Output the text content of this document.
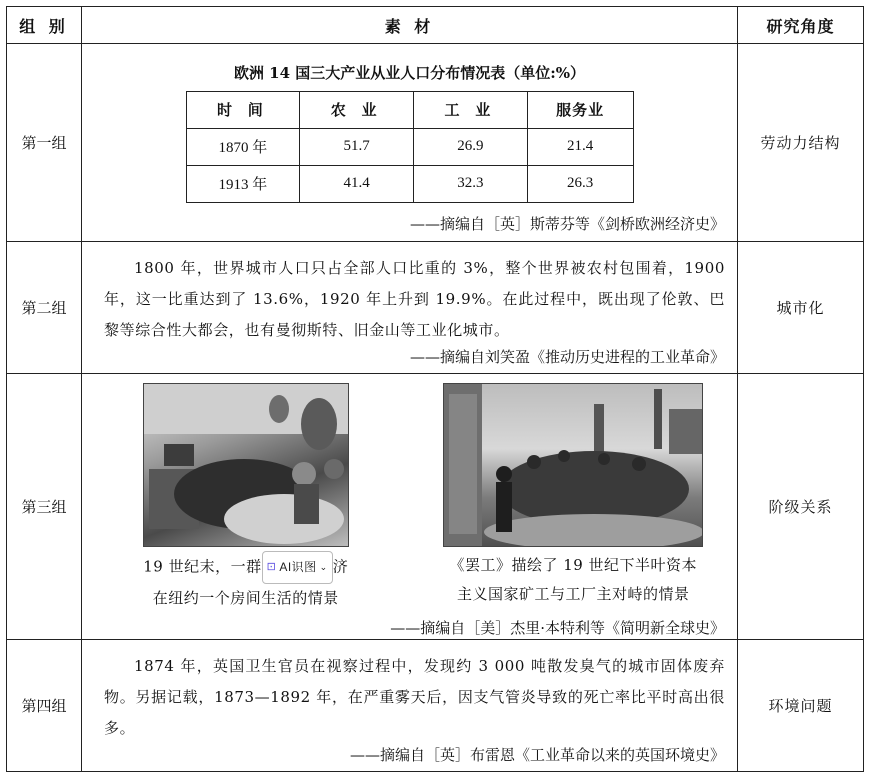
组 别	素 材	研究角度
第一组	
欧洲 14 国三大产业从业人口分布情况表（单位:%）
时 间	农 业	工 业	服务业
1870 年	51.7	26.9	21.4
1913 年	41.4	32.3	26.3
——摘编自［英］斯蒂芬等《剑桥欧洲经济史》
	劳动力结构
第二组	
1800 年，世界城市人口只占全部人口比重的 3%，整个世界被农村包围着，1900 年，这一比重达到了 13.6%，1920 年上升到 19.9%。在此过程中，既出现了伦敦、巴黎等综合性大都会，也有曼彻斯特、旧金山等工业化城市。
——摘编自刘笑盈《推动历史进程的工业革命》
	城市化
第三组	
19 世纪末，一群 ⊡ AI识图 ⌄ 济
在纽约一个房间生活的情景
《罢工》描绘了 19 世纪下半叶资本
主义国家矿工与工厂主对峙的情景
——摘编自［美］杰里·本特利等《简明新全球史》
	阶级关系
第四组	
1874 年，英国卫生官员在视察过程中，发现约 3 000 吨散发臭气的城市固体废弃物。另据记载，1873—1892 年，在严重雾天后，因支气管炎导致的死亡率比平时高出很多。
——摘编自［英］布雷恩《工业革命以来的英国环境史》
	环境问题
